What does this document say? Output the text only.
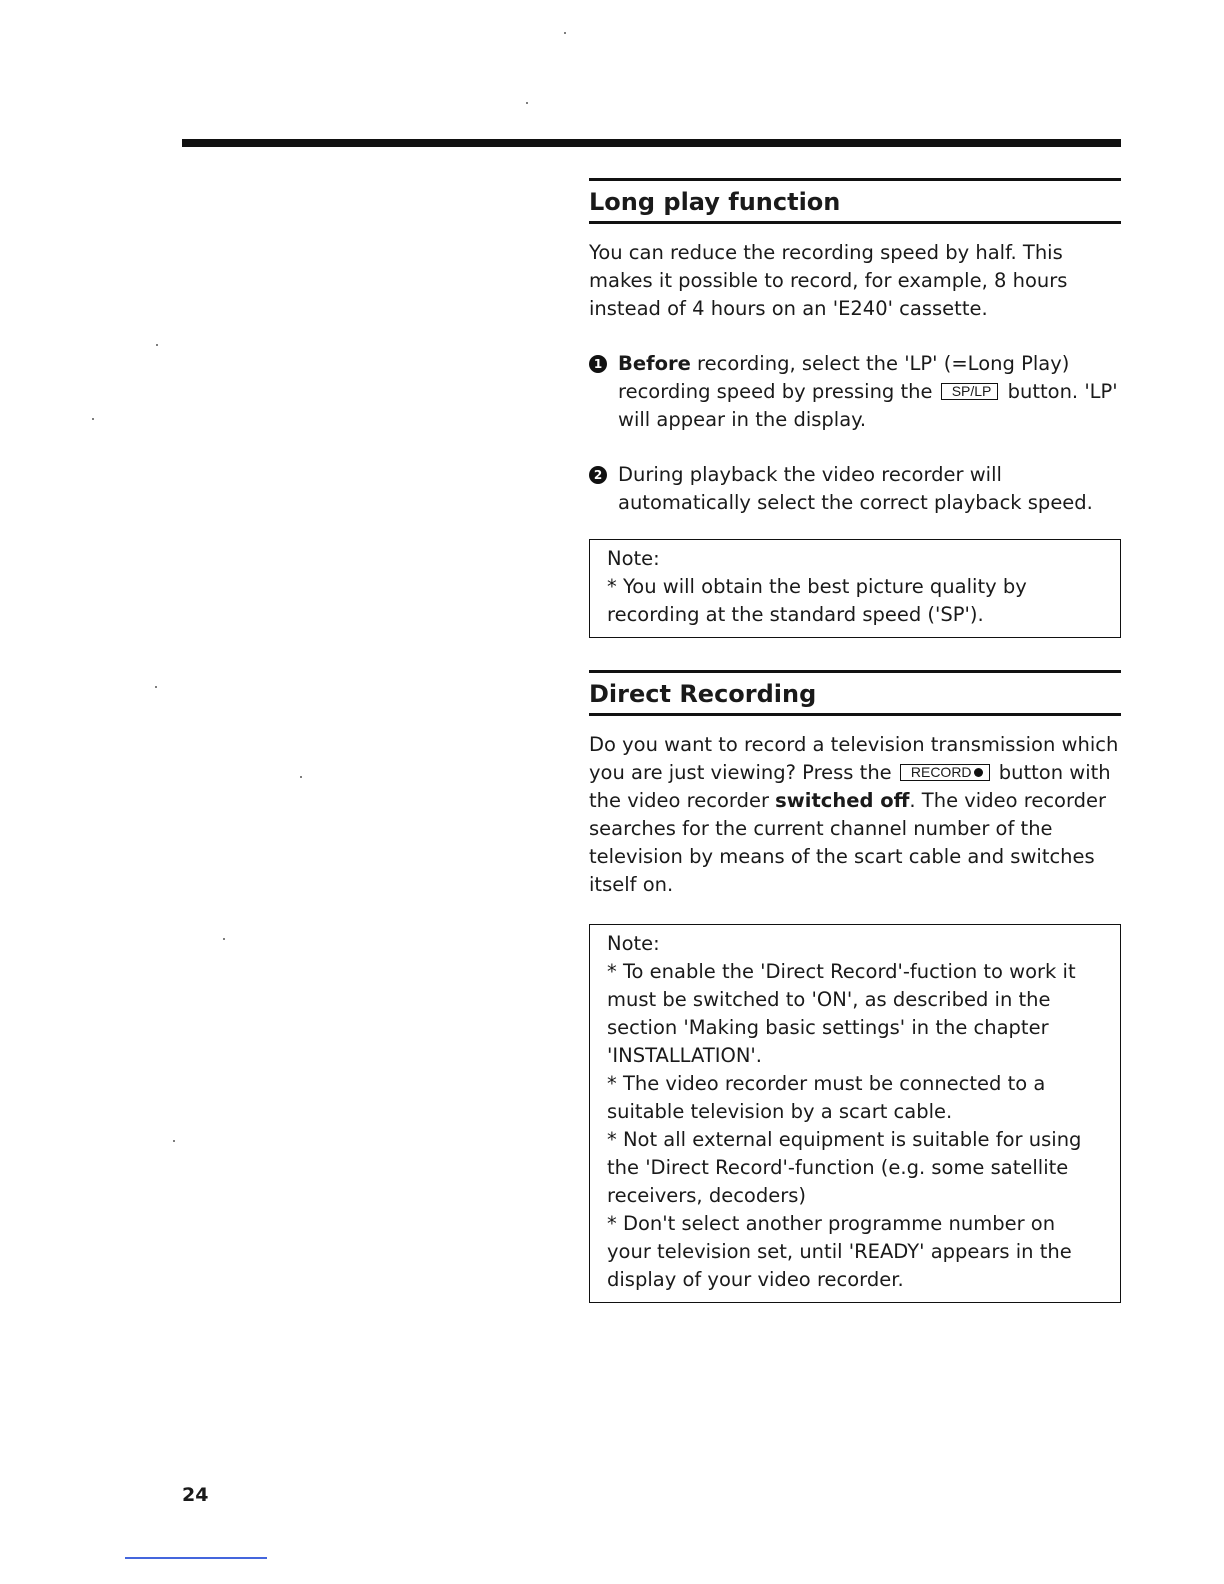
Long play function

You can reduce the recording speed by half. This makes it possible to record, for example, 8 hours instead of 4 hours on an 'E240' cassette.

1 Before recording, select the 'LP' (=Long Play) recording speed by pressing the SP/LP button. 'LP' will appear in the display.

2 During playback the video recorder will automatically select the correct playback speed.

Note:

* You will obtain the best picture quality by recording at the standard speed ('SP').

Direct Recording

Do you want to record a television transmission which you are just viewing? Press the RECORD button with the video recorder switched off. The video recorder searches for the current channel number of the television by means of the scart cable and switches itself on.

Note:

* To enable the 'Direct Record'-fuction to work it must be switched to 'ON', as described in the section 'Making basic settings' in the chapter 'INSTALLATION'.

* The video recorder must be connected to a suitable television by a scart cable.

* Not all external equipment is suitable for using the 'Direct Record'-function (e.g. some satellite receivers, decoders)

* Don't select another programme number on your television set, until 'READY' appears in the display of your video recorder.

24
